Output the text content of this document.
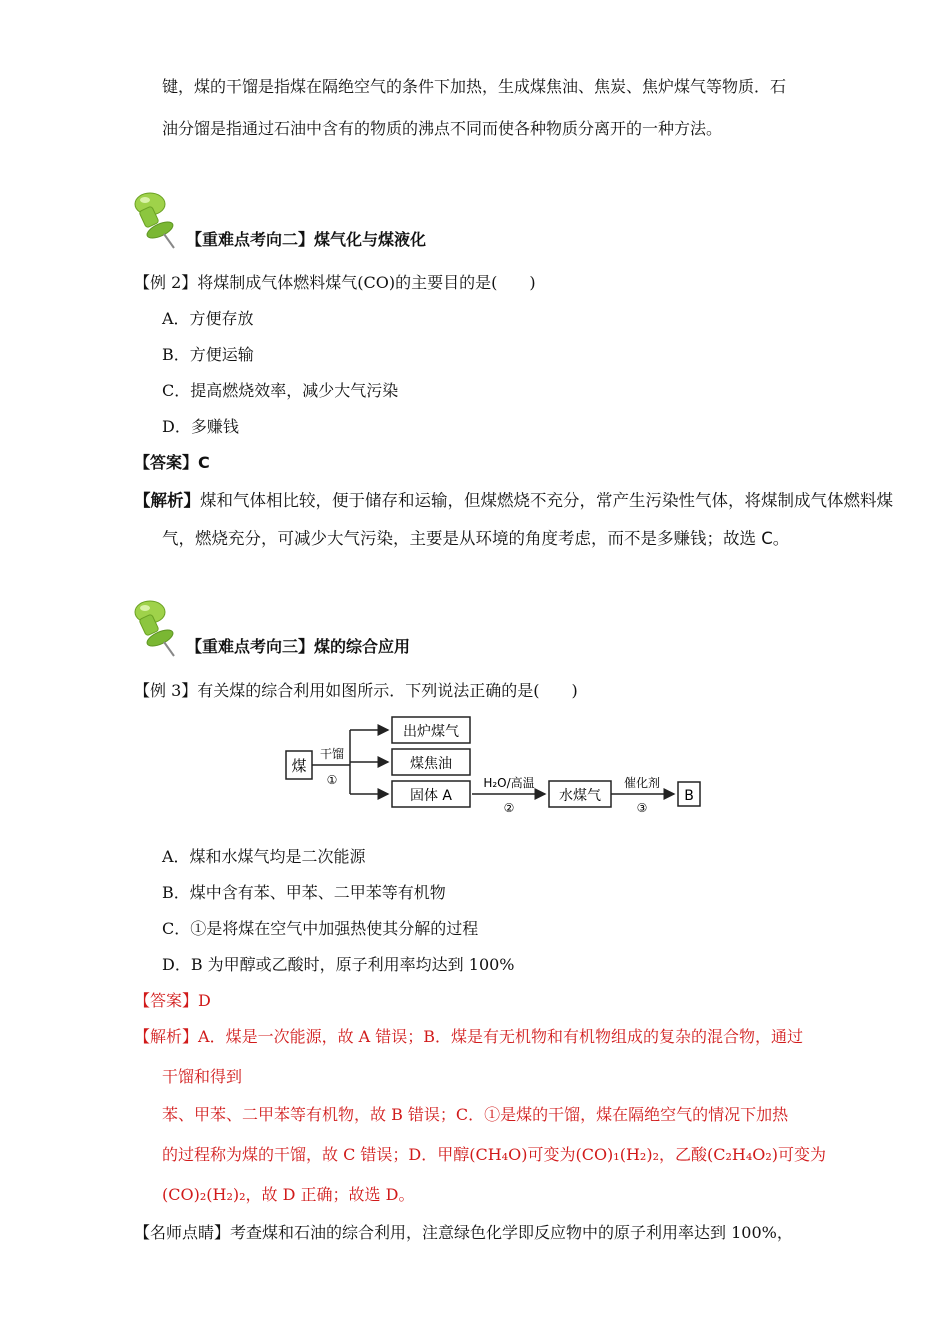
键，煤的干馏是指煤在隔绝空气的条件下加热，生成煤焦油、焦炭、焦炉煤气等物质．石
油分馏是指通过石油中含有的物质的沸点不同而使各种物质分离开的一种方法。
【重难点考向二】煤气化与煤液化
【例 2】将煤制成气体燃料煤气(CO)的主要目的是(　　)
A．方便存放
B．方便运输
C．提高燃烧效率，减少大气污染
D．多赚钱
【答案】C
【解析】煤和气体相比较，便于储存和运输，但煤燃烧不充分，常产生污染性气体，将煤制成气体燃料煤
气，燃烧充分，可减少大气污染，主要是从环境的角度考虑，而不是多赚钱；故选 C。
【重难点考向三】煤的综合应用
【例 3】有关煤的综合利用如图所示．下列说法正确的是(　　)
煤
干馏
①
出炉煤气
煤焦油
固体 A
H₂O/高温
②
水煤气
催化剂
③
B
A．煤和水煤气均是二次能源
B．煤中含有苯、甲苯、二甲苯等有机物
C．①是将煤在空气中加强热使其分解的过程
D．B 为甲醇或乙酸时，原子利用率均达到 100%
【答案】D
【解析】A．煤是一次能源，故 A 错误；B．煤是有无机物和有机物组成的复杂的混合物，通过
干馏和得到
苯、甲苯、二甲苯等有机物，故 B 错误；C．①是煤的干馏，煤在隔绝空气的情况下加热
的过程称为煤的干馏，故 C 错误；D．甲醇(CH₄O)可变为(CO)₁(H₂)₂，乙酸(C₂H₄O₂)可变为
(CO)₂(H₂)₂，故 D 正确；故选 D。
【名师点睛】考查煤和石油的综合利用，注意绿色化学即反应物中的原子利用率达到 100%，
